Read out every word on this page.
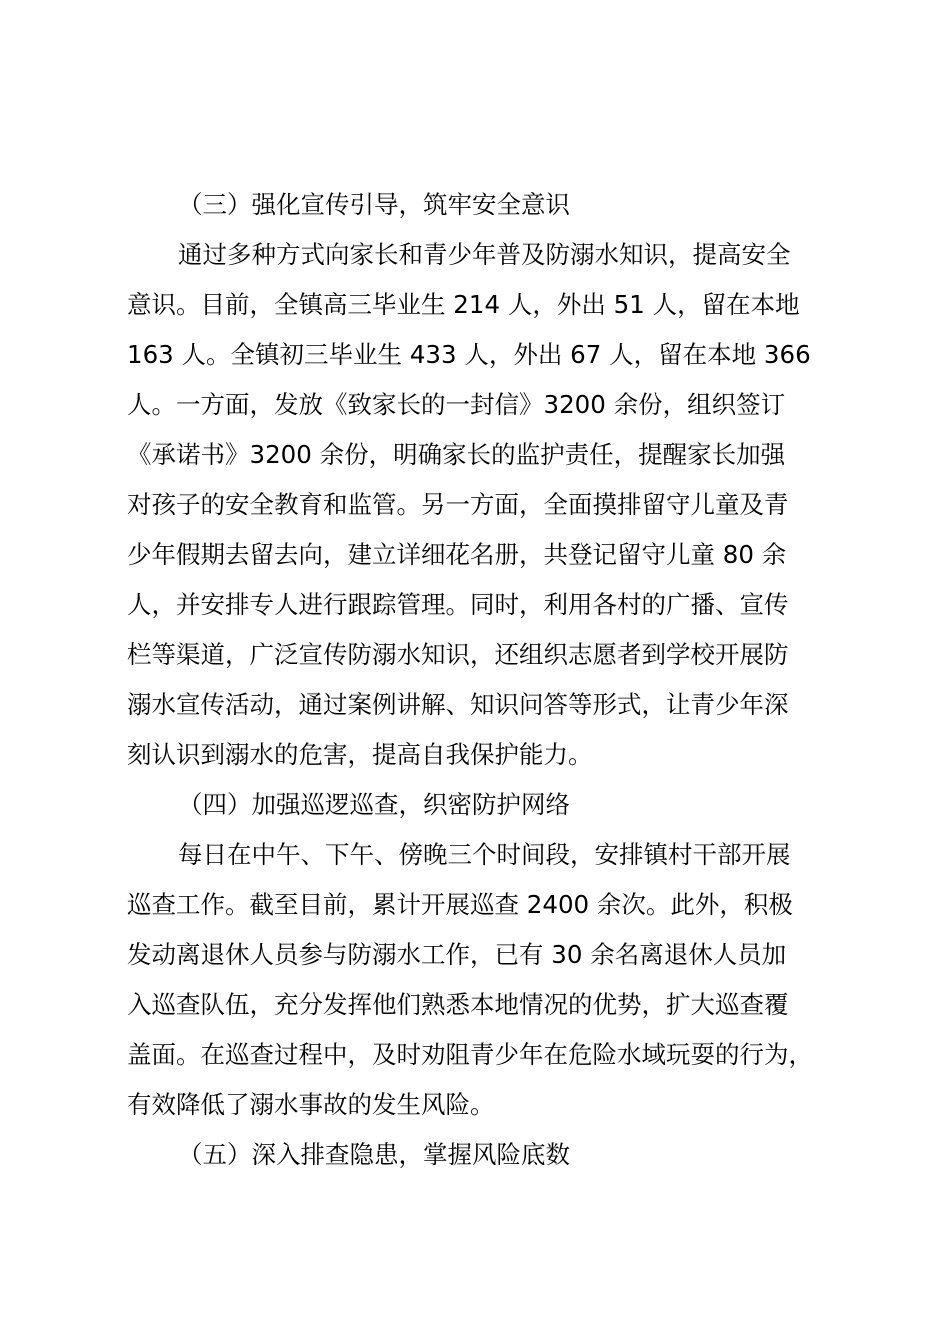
（三）强化宣传引导，筑牢安全意识
通过多种方式向家长和青少年普及防溺水知识，提高安全
意识。目前，全镇高三毕业生 214 人，外出 51 人，留在本地
163 人。全镇初三毕业生 433 人，外出 67 人，留在本地 366
人。一方面，发放《致家长的一封信》3200 余份，组织签订
《承诺书》3200 余份，明确家长的监护责任，提醒家长加强
对孩子的安全教育和监管。另一方面，全面摸排留守儿童及青
少年假期去留去向，建立详细花名册，共登记留守儿童 80 余
人，并安排专人进行跟踪管理。同时，利用各村的广播、宣传
栏等渠道，广泛宣传防溺水知识，还组织志愿者到学校开展防
溺水宣传活动，通过案例讲解、知识问答等形式，让青少年深
刻认识到溺水的危害，提高自我保护能力。
（四）加强巡逻巡查，织密防护网络
每日在中午、下午、傍晚三个时间段，安排镇村干部开展
巡查工作。截至目前，累计开展巡查 2400 余次。此外，积极
发动离退休人员参与防溺水工作，已有 30 余名离退休人员加
入巡查队伍，充分发挥他们熟悉本地情况的优势，扩大巡查覆
盖面。在巡查过程中，及时劝阻青少年在危险水域玩耍的行为，
有效降低了溺水事故的发生风险。
（五）深入排查隐患，掌握风险底数
